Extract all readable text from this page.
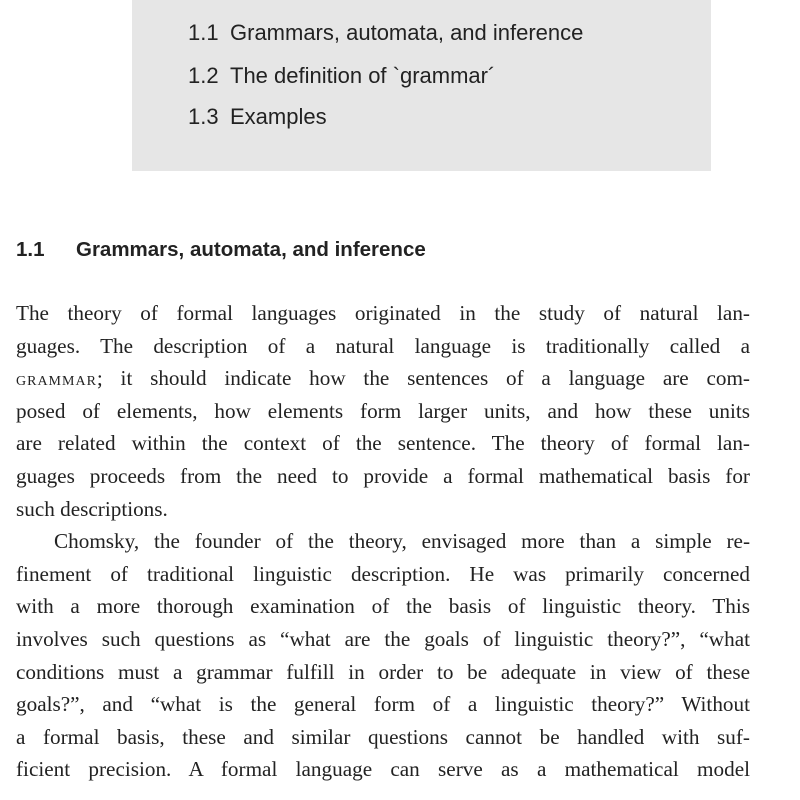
1.1 Grammars, automata, and inference
1.2 The definition of `grammar´
1.3 Examples
1.1 Grammars, automata, and inference
The theory of formal languages originated in the study of natural lan-
guages. The description of a natural language is traditionally called a
grammar; it should indicate how the sentences of a language are com-
posed of elements, how elements form larger units, and how these units
are related within the context of the sentence. The theory of formal lan-
guages proceeds from the need to provide a formal mathematical basis for
such descriptions.
Chomsky, the founder of the theory, envisaged more than a simple re-
finement of traditional linguistic description. He was primarily concerned
with a more thorough examination of the basis of linguistic theory. This
involves such questions as “what are the goals of linguistic theory?”, “what
conditions must a grammar fulfill in order to be adequate in view of these
goals?”, and “what is the general form of a linguistic theory?” Without
a formal basis, these and similar questions cannot be handled with suf-
ficient precision. A formal language can serve as a mathematical model
